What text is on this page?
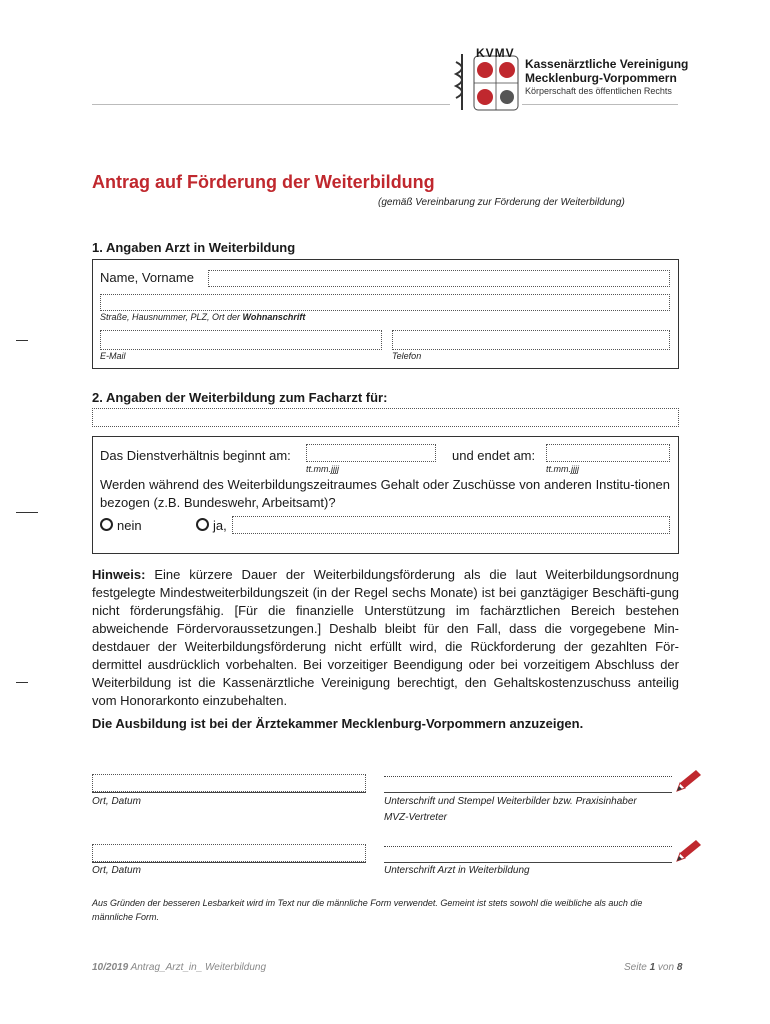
KVMV
Kassenärztliche Vereinigung
Mecklenburg-Vorpommern
Körperschaft des öffentlichen Rechts
Antrag auf Förderung der Weiterbildung
(gemäß Vereinbarung zur Förderung der Weiterbildung)
1. Angaben Arzt in Weiterbildung
Name, Vorname
Straße, Hausnummer, PLZ, Ort der Wohnanschrift
E-Mail	Telefon
2. Angaben der Weiterbildung zum Facharzt für:
Das Dienstverhältnis beginnt am:
tt.mm.jjjj
und endet am:
tt.mm.jjjj
Werden während des Weiterbildungszeitraumes Gehalt oder Zuschüsse von anderen Institu-tionen bezogen (z.B. Bundeswehr, Arbeitsamt)?
nein	ja,
Hinweis: Eine kürzere Dauer der Weiterbildungsförderung als die laut Weiterbildungsordnung festgelegte Mindestweiterbildungszeit (in der Regel sechs Monate) ist bei ganztägiger Beschäfti-gung nicht förderungsfähig. [Für die finanzielle Unterstützung im fachärztlichen Bereich bestehen abweichende Fördervoraussetzungen.] Deshalb bleibt für den Fall, dass die vorgegebene Min-destdauer der Weiterbildungsförderung nicht erfüllt wird, die Rückforderung der gezahlten För-dermittel ausdrücklich vorbehalten. Bei vorzeitiger Beendigung oder bei vorzeitigem Abschluss der Weiterbildung ist die Kassenärztliche Vereinigung berechtigt, den Gehaltskostenzuschuss anteilig vom Honorarkonto einzubehalten.
Die Ausbildung ist bei der Ärztekammer Mecklenburg-Vorpommern anzuzeigen.
Ort, Datum	Unterschrift und Stempel Weiterbilder bzw. Praxisinhaber
MVZ-Vertreter
Ort, Datum	Unterschrift Arzt in Weiterbildung
Aus Gründen der besseren Lesbarkeit wird im Text nur die männliche Form verwendet. Gemeint ist stets sowohl die weibliche als auch die männliche Form.
10/2019 Antrag_Arzt_in_ Weiterbildung	Seite 1 von 8
